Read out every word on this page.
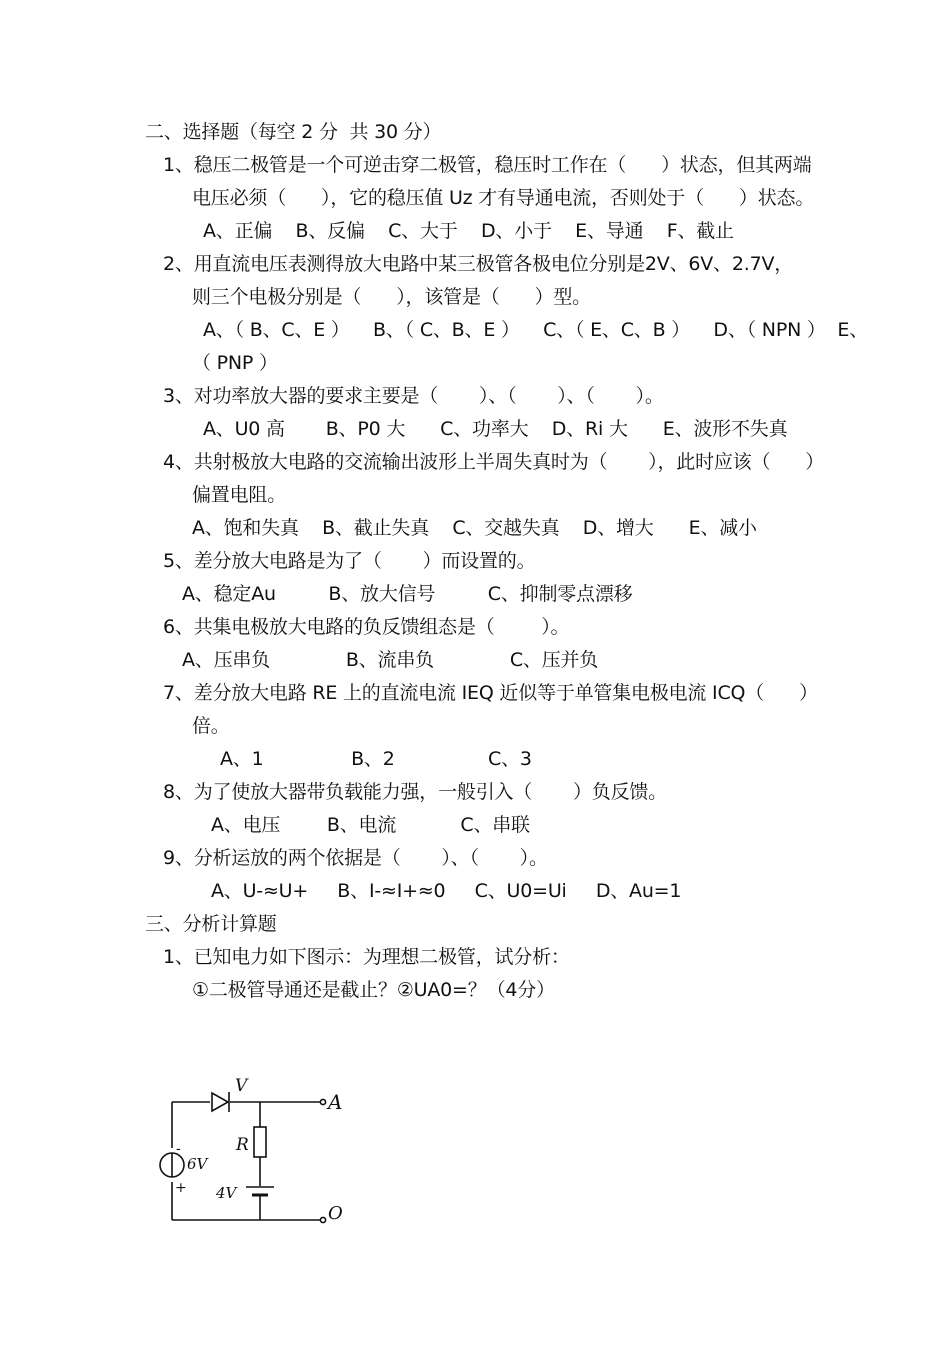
二、选择题（每空 2 分  共 30 分）
1、稳压二极管是一个可逆击穿二极管，稳压时工作在（      ）状态，但其两端
电压必须（      ），它的稳压值 Uz 才有导通电流，否则处于（      ）状态。
A、正偏    B、反偏    C、大于    D、小于    E、导通    F、截止
2、用直流电压表测得放大电路中某三极管各极电位分别是2V、6V、2.7V，
则三个电极分别是（      ），该管是（      ）型。
A、（ B、C、E ）    B、（ C、B、E ）    C、（ E、C、B ）    D、（ NPN ）  E、
（ PNP ）
3、对功率放大器的要求主要是（       ）、（       ）、（       ）。
A、U0 高       B、P0 大      C、功率大    D、Ri 大      E、波形不失真
4、共射极放大电路的交流输出波形上半周失真时为（       ），此时应该（      ）
偏置电阻。
A、饱和失真    B、截止失真    C、交越失真    D、增大      E、减小
5、差分放大电路是为了（       ）而设置的。
A、稳定Au         B、放大信号         C、抑制零点漂移
6、共集电极放大电路的负反馈组态是（        ）。
A、压串负             B、流串负             C、压并负
7、差分放大电路 RE 上的直流电流 IEQ 近似等于单管集电极电流 ICQ（      ）
倍。
A、1               B、2                C、3
8、为了使放大器带负载能力强，一般引入（       ）负反馈。
A、电压        B、电流           C、串联
9、分析运放的两个依据是（       ）、（       ）。
A、U-≈U+     B、I-≈I+≈0     C、U0=Ui     D、Au=1
三、分析计算题
1、已知电力如下图示：为理想二极管，试分析：
①二极管导通还是截止？②UA0=？（4分）
V
R
6V
4V
-
+
A
O
